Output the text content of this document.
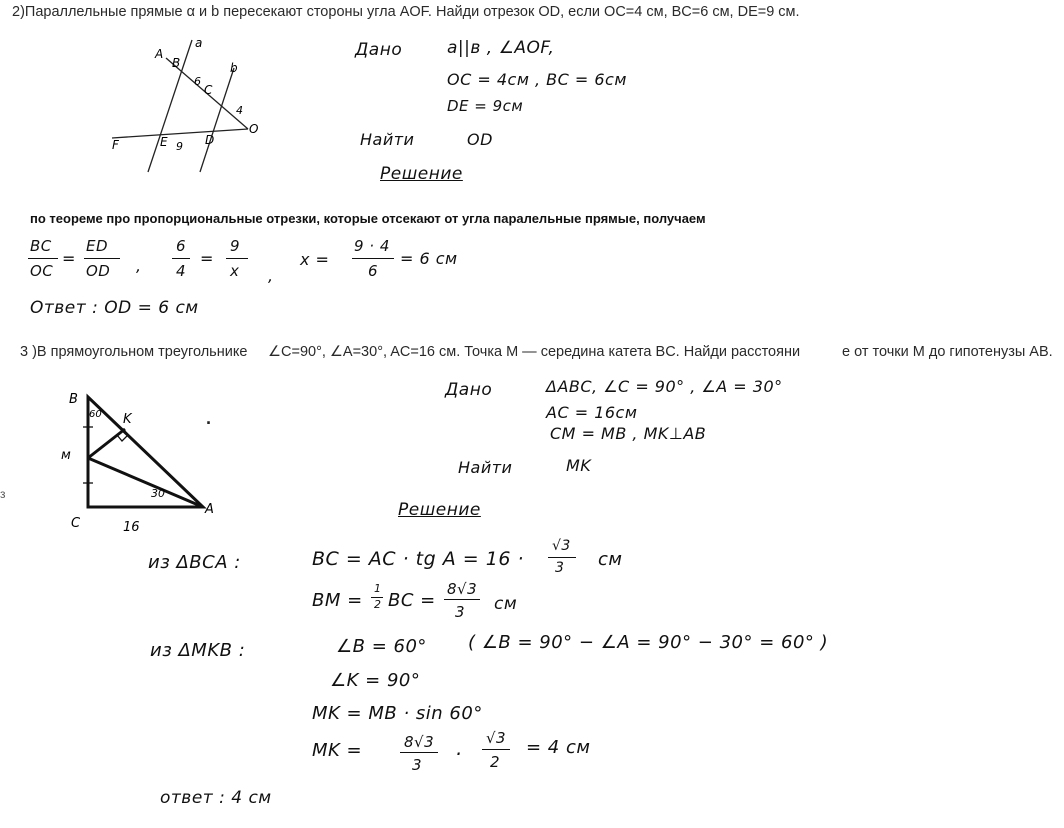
2)Параллельные прямые α и b пересекают стороны угла AOF. Найди отрезок OD, если OC=4 см, BC=6 см, DE=9 см.
A
a
B	b
6
C
4
O
F	E 9 D
Дано	a||в , ∠AOF,
OC = 4см , BC = 6см
DE = 9см
Найти	OD
Решение
по теореме про пропорциональные отрезки, которые отсекают от угла паралельные прямые, получаем
BC
OC
=
ED
OD ,
6
4
=
9
x ,
x =
9 · 4
6
= 6 см
Ответ : OD = 6 см
3 )В прямоугольном треугольнике ∠C=90°, ∠A=30°, AC=16 см. Точка M — середина катета BC. Найди расстояни	е от точки M до гипотенузы AB.
B
K
м
60
30
A
C	16
·
з
Дано	ΔABC, ∠C = 90° , ∠A = 30°
AC = 16см
CM = MB , MK⊥AB
Найти	MK
Решение
из ΔBCA :	BC = AC · tg A = 16 ·
√3
3 см
BM =
1
2 BC =
8√3
3 см
из ΔMKB :	∠B = 60° ( ∠B = 90° − ∠A = 90° − 30° = 60° )
∠K = 90°
MK = MB · sin 60°
MK =	8√3
3 ·
√3
2
= 4 см
ответ : 4 см
